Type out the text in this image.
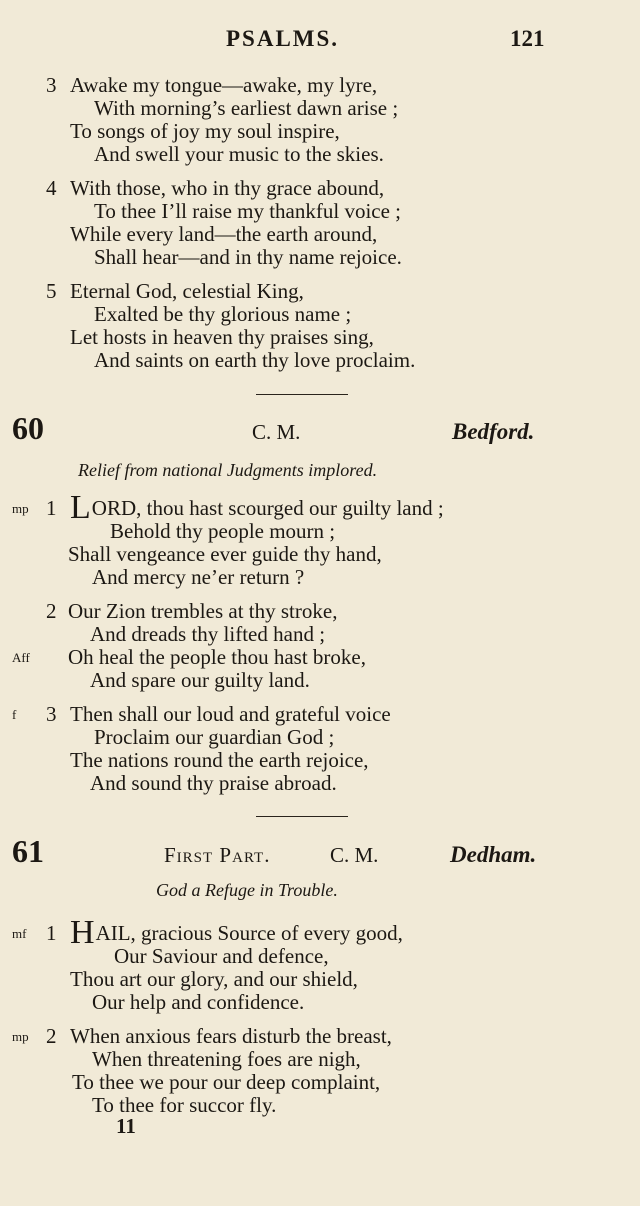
PSALMS.	121
3 Awake my tongue—awake, my lyre,
With morning’s earliest dawn arise ;
To songs of joy my soul inspire,
And swell your music to the skies.
4 With those, who in thy grace abound,
To thee I’ll raise my thankful voice ;
While every land—the earth around,
Shall hear—and in thy name rejoice.
5 Eternal God, celestial King,
Exalted be thy glorious name ;
Let hosts in heaven thy praises sing,
And saints on earth thy love proclaim.
60	C. M.	Bedford.
Relief from national Judgments implored.
mp 1 LORD, thou hast scourged our guilty land ;
Behold thy people mourn ;
Shall vengeance ever guide thy hand,
And mercy ne’er return ?
2 Our Zion trembles at thy stroke,
And dreads thy lifted hand ;
Aff Oh heal the people thou hast broke,
And spare our guilty land.
f 3 Then shall our loud and grateful voice
Proclaim our guardian God ;
The nations round the earth rejoice,
And sound thy praise abroad.
61	First Part.	C. M.	Dedham.
God a Refuge in Trouble.
mf 1 HAIL, gracious Source of every good,
Our Saviour and defence,
Thou art our glory, and our shield,
Our help and confidence.
mp 2 When anxious fears disturb the breast,
When threatening foes are nigh,
To thee we pour our deep complaint,
To thee for succor fly.
11
